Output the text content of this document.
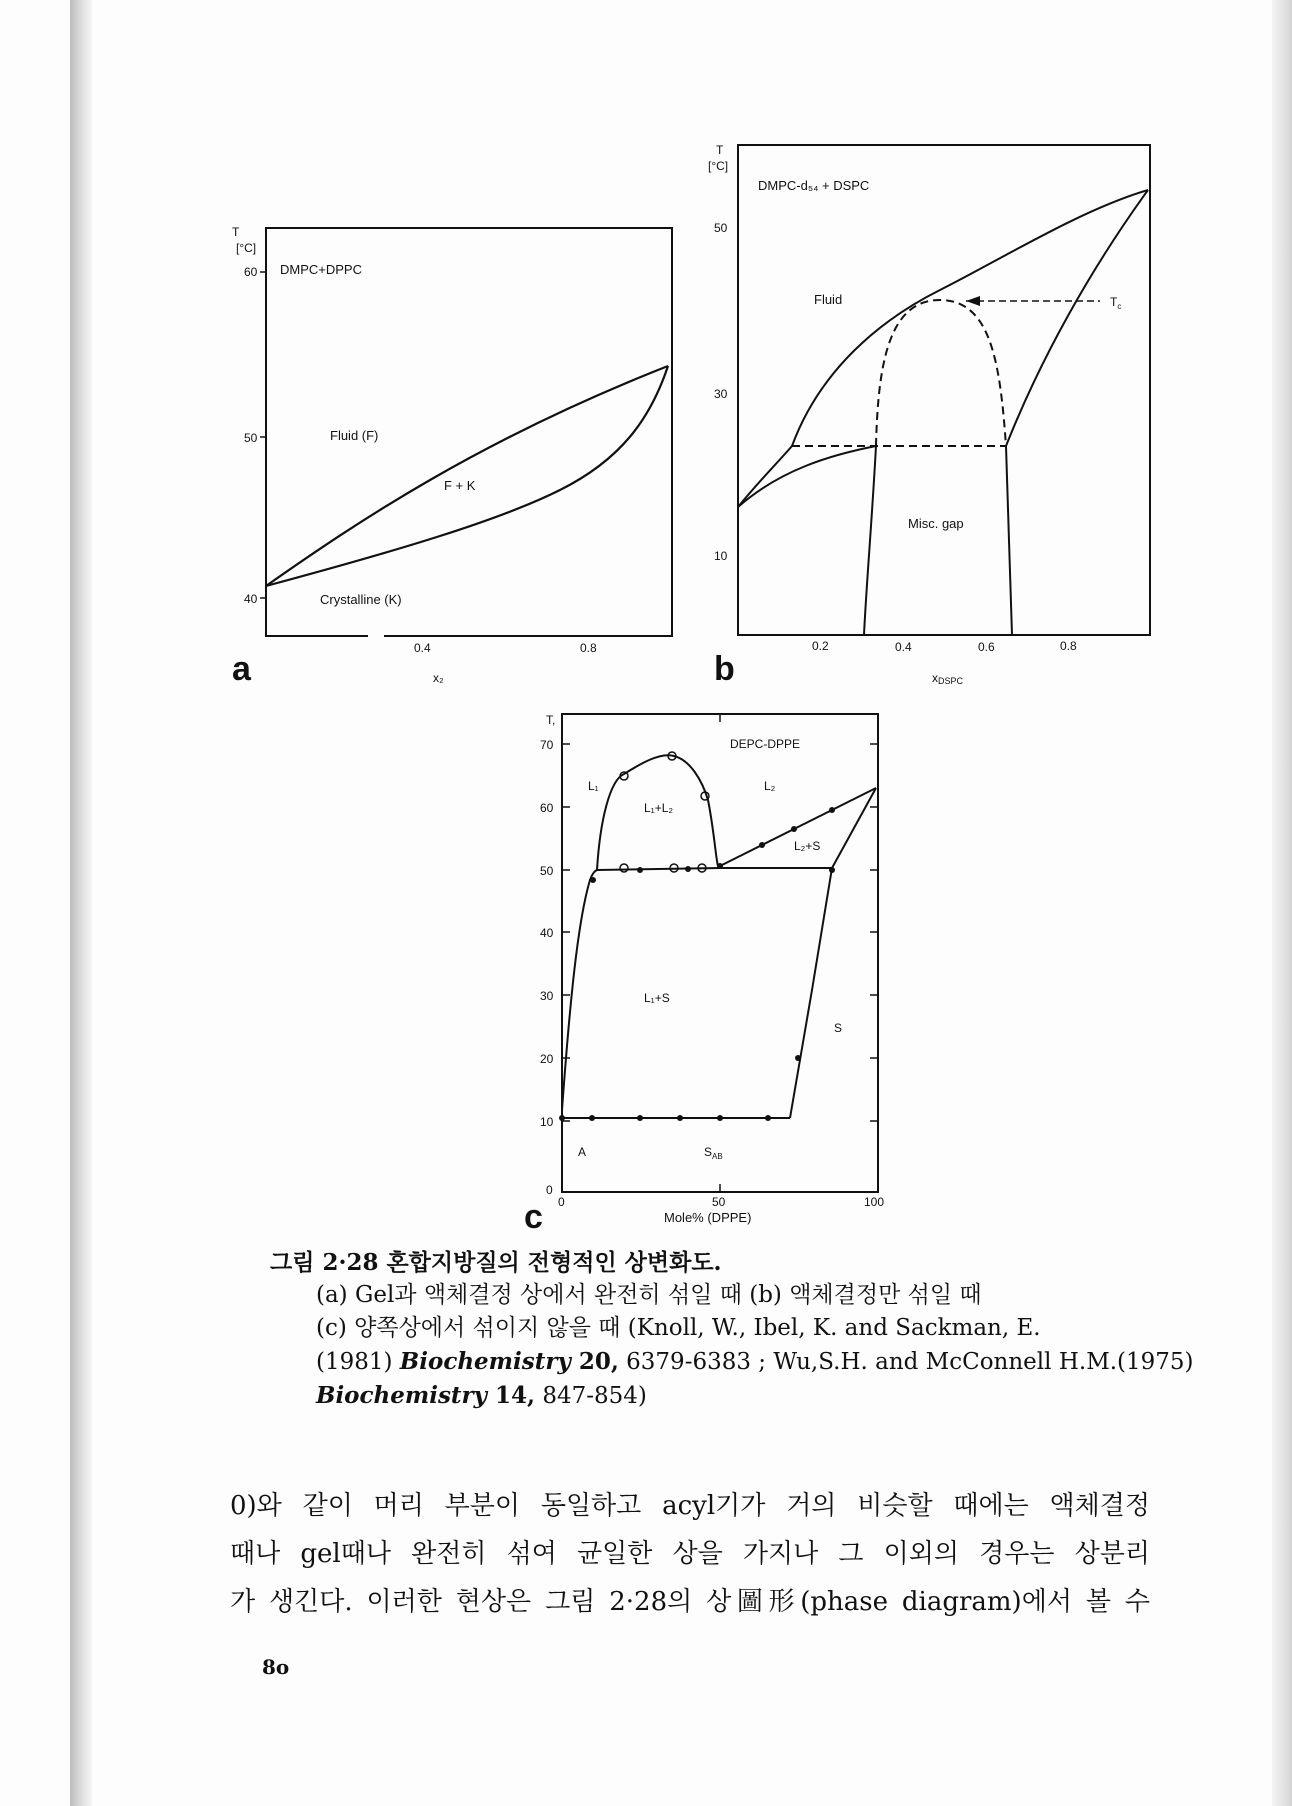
T
[°C]
60
50
40
DMPC+DPPC
0.4	0.8
x₂
Fluid (F)
F + K
Crystalline (K)
a
T
[°C]
50
30
10
DMPC-d₅₄ + DSPC
0.2	0.4	0.6	0.8
xDSPC
$T_c$
Fluid
Misc. gap
b
T,
70
60
50
40
30
20
10
0
0	50	100
Mole% (DPPE)
DEPC-DPPE
L₁
L₁+L₂
L₂
L₂+S
L₁+S
S
A	$S_{AB}$
c
그림 2·28 혼합지방질의 전형적인 상변화도.
(a) Gel과 액체결정 상에서 완전히 섞일 때 (b) 액체결정만 섞일 때
(c) 양쪽상에서 섞이지 않을 때 (Knoll, W., Ibel, K. and Sackman, E.
(1981) Biochemistry 20, 6379-6383 ; Wu,S.H. and McConnell H.M.(1975)
Biochemistry 14, 847-854)
0)와 같이 머리 부분이 동일하고 acyl기가 거의 비슷할 때에는 액체결정
때나 gel때나 완전히 섞여 균일한 상을 가지나 그 이외의 경우는 상분리
가 생긴다. 이러한 현상은 그림 2·28의 상圖形(phase diagram)에서 볼 수
8o
